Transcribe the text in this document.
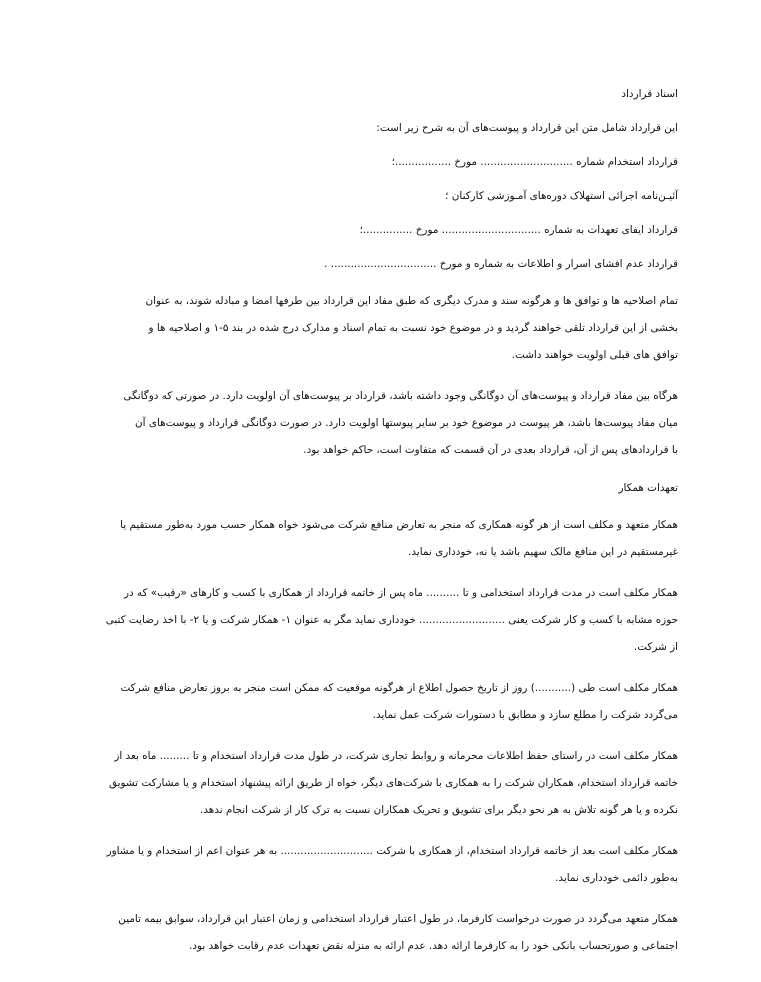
اسناد قرارداد

این قرارداد شامل متن این قرارداد و پیوست‌های آن به شرح زیر است:

قرارداد استخدام شماره ............................ مورخ .................؛

آئیـن‌نامه اجرائی استهلاک دوره‌های آمـوزشی کارکنان ؛

قرارداد ایفای تعهدات به شماره .............................. مورخ ...............؛

قرارداد عدم افشای اسرار و اطلاعات به شماره و مورخ ................................ .

تمام اصلاحیه ها و توافق ها و هرگونه سند و مدرک دیگری که طبق مفاد این قرارداد بین طرفها امضا و مبادله شوند، به عنوان
بخشی از این قرارداد تلقی خواهند گردید و در موضوع خود نسبت به تمام اسناد و مدارک درج شده در بند ۵-۱ و اصلاحیه ها و
توافق های قبلی اولویت خواهند داشت.

هرگاه بین مفاد قرارداد و پیوست‌های آن دوگانگی وجود داشته باشد، قرارداد بر پیوست‌های آن اولویت دارد. در صورتی که دوگانگی
میان مفاد پیوست‌ها باشد، هر پیوست در موضوع خود بر سایر پیوستها اولویت دارد. در صورت دوگانگی قرارداد و پیوست‌های آن
با قراردادهای پس از آن، قرارداد بعدی در آن قسمت که متفاوت است، حاکم خواهد بود.

تعهدات همکار

همکار متعهد و مکلف است از هر گونه همکاری که منجر به تعارض منافع شرکت می‌شود خواه همکار حسب مورد به‌طور مستقیم یا
غیرمستقیم در این منافع مالک سهیم باشد یا نه، خودداری نماید.

همکار مکلف است در مدت قرارداد استخدامی و تا .......... ماه پس از خاتمه قرارداد از همکاری با کسب و کارهای «رقیب» که در
حوزه مشابه با کسب و کار شرکت یعنی .......................... خودداری نماید مگر به عنوان ۱- همکار شرکت و یا ۲- با اخذ رضایت کتبی
از شرکت.

همکار مکلف است طی (...........) روز از تاریخ حصول اطلاع از هرگونه موقعیت که ممکن است منجر به بروز تعارض منافع شرکت
می‌گردد شرکت را مطلع سازد و مطابق با دستورات شرکت عمل نماید.

همکار مکلف است در راستای حفظ اطلاعات محرمانه و روابط تجاری شرکت، در طول مدت قرارداد استخدام و تا ......... ماه بعد از
خاتمه قرارداد استخدام، همکاران شرکت را به همکاری با شرکت‌های دیگر، خواه از طریق ارائه پیشنهاد استخدام و یا مشارکت تشویق
نکرده و یا هر گونه تلاش به هر نحو دیگر برای تشویق و تحریک همکاران نسبت به ترک کار از شرکت انجام ندهد.

همکار مکلف است بعد از خاتمه قرارداد استخدام، از همکاری با شرکت ............................ به هر عنوان اعم از استخدام و یا مشاور
به‌طور دائمی خودداری نماید.

همکار متعهد می‌گردد در صورت درخواست کارفرما، در طول اعتبار قرارداد استخدامی و زمان اعتبار این قرارداد، سوابق بیمه تامین
اجتماعی و صورتحساب بانکی خود را به کارفرما ارائه دهد. عدم ارائه به منزله نقض تعهدات عدم رقابت خواهد بود.
